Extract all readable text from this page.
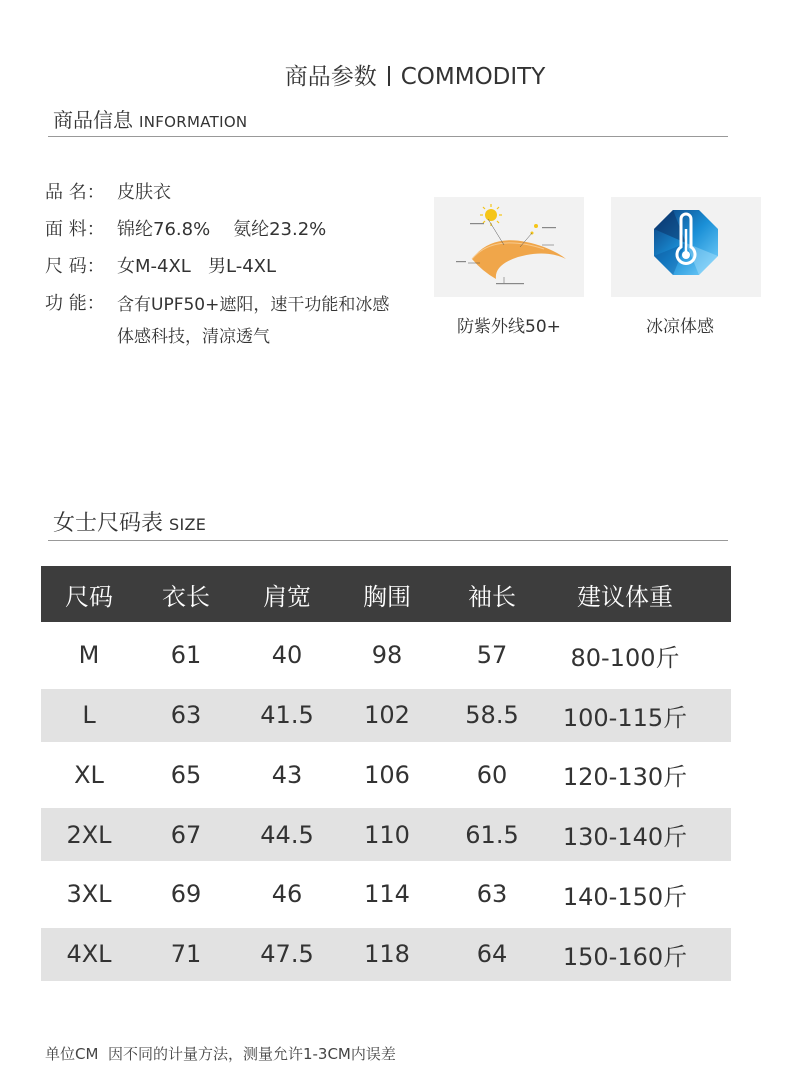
商品参数 COMMODITY
商品信息 INFORMATION
品 名： 皮肤衣
面 料： 锦纶76.8%    氨纶23.2%
尺 码： 女M-4XL   男L-4XL
功 能： 含有UPF50+遮阳，速干功能和冰感体感科技，清凉透气	防紫外线50+	冰凉体感
女士尺码表 SIZE
尺码	衣长	肩宽	胸围	袖长	建议体重
M	61	40	98	57	80-100斤
L	63	41.5	102	58.5	100-115斤
XL	65	43	106	60	120-130斤
2XL	67	44.5	110	61.5	130-140斤
3XL	69	46	114	63	140-150斤
4XL	71	47.5	118	64	150-160斤
单位CM  因不同的计量方法，测量允许1-3CM内误差
